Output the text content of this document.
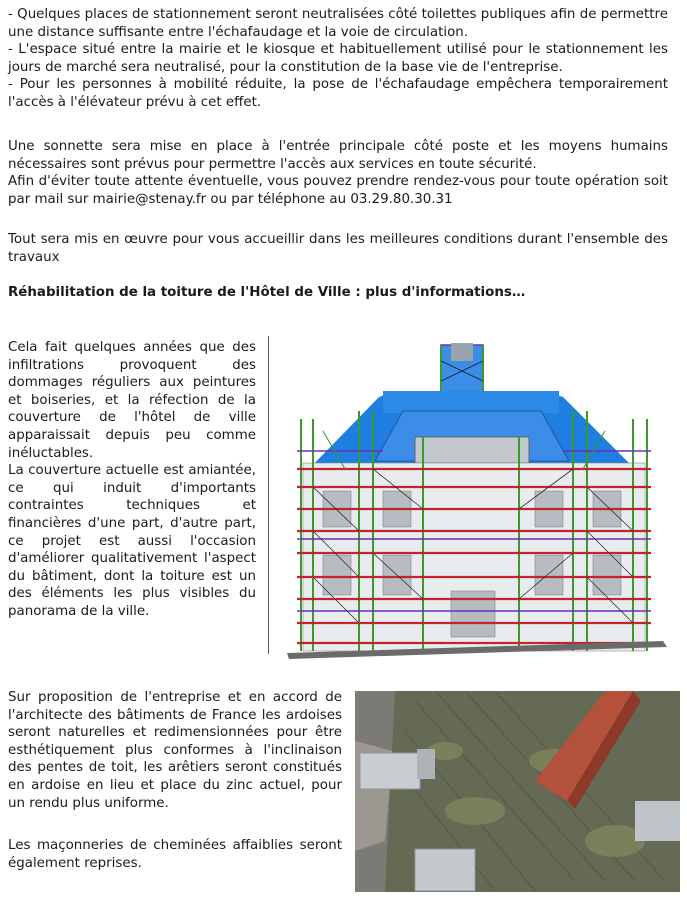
- Quelques places de stationnement seront neutralisées côté toilettes publiques afin de permettre une distance suffisante entre l'échafaudage et la voie de circulation.

- L'espace situé entre la mairie et le kiosque et habituellement utilisé pour le stationnement les jours de marché sera neutralisé, pour la constitution de la base vie de l'entreprise.

- Pour les personnes à mobilité réduite, la pose de l'échafaudage empêchera temporairement l'accès à l'élévateur prévu à cet effet.

Une sonnette sera mise en place à l'entrée principale côté poste et les moyens humains nécessaires sont prévus pour permettre l'accès aux services en toute sécurité.

Afin d'éviter toute attente éventuelle, vous pouvez prendre rendez-vous pour toute opération soit par mail sur mairie@stenay.fr ou par téléphone au 03.29.80.30.31

Tout sera mis en œuvre pour vous accueillir dans les meilleures conditions durant l'ensemble des travaux

Réhabilitation de la toiture de l'Hôtel de Ville : plus d'informations…

Cela fait quelques années que des infiltrations provoquent des dommages réguliers aux peintures et boiseries, et la réfection de la couverture de l'hôtel de ville apparaissait depuis peu comme inéluctables.

La couverture actuelle est amiantée, ce qui induit d'importants contraintes techniques et financières d'une part, d'autre part, ce projet est aussi l'occasion d'améliorer qualitativement l'aspect du bâtiment, dont la toiture est un des éléments les plus visibles du panorama de la ville.

Sur proposition de l'entreprise et en accord de l'architecte des bâtiments de France les ardoises seront naturelles et redimensionnées pour être esthétiquement plus conformes à l'inclinaison des pentes de toit, les arêtiers seront constitués en ardoise en lieu et place du zinc actuel, pour un rendu plus uniforme.

Les maçonneries de cheminées affaiblies seront également reprises.
